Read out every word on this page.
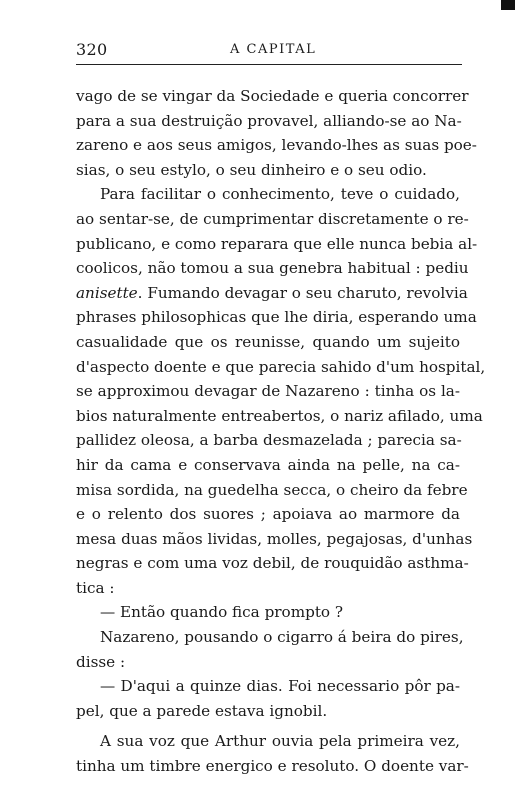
320	A CAPITAL
vago de se vingar da Sociedade e queria concorrer
para a sua destruição provavel, alliando-se ao Na-
zareno e aos seus amigos, levando-lhes as suas poe-
sias, o seu estylo, o seu dinheiro e o seu odio.
Para facilitar o conhecimento, teve o cuidado,
ao sentar-se, de cumprimentar discretamente o re-
publicano, e como reparara que elle nunca bebia al-
coolicos, não tomou a sua genebra habitual : pediu
anisette. Fumando devagar o seu charuto, revolvia
phrases philosophicas que lhe diria, esperando uma
casualidade que os reunisse, quando um sujeito
d'aspecto doente e que parecia sahido d'um hospital,
se approximou devagar de Nazareno : tinha os la-
bios naturalmente entreabertos, o nariz afilado, uma
pallidez oleosa, a barba desmazelada ; parecia sa-
hir da cama e conservava ainda na pelle, na ca-
misa sordida, na guedelha secca, o cheiro da febre
e o relento dos suores ; apoiava ao marmore da
mesa duas mãos lividas, molles, pegajosas, d'unhas
negras e com uma voz debil, de rouquidão asthma-
tica :
— Então quando fica prompto ?
Nazareno, pousando o cigarro á beira do pires,
disse :
— D'aqui a quinze dias. Foi necessario pôr pa-
pel, que a parede estava ignobil.
A sua voz que Arthur ouvia pela primeira vez,
tinha um timbre energico e resoluto. O doente var-
